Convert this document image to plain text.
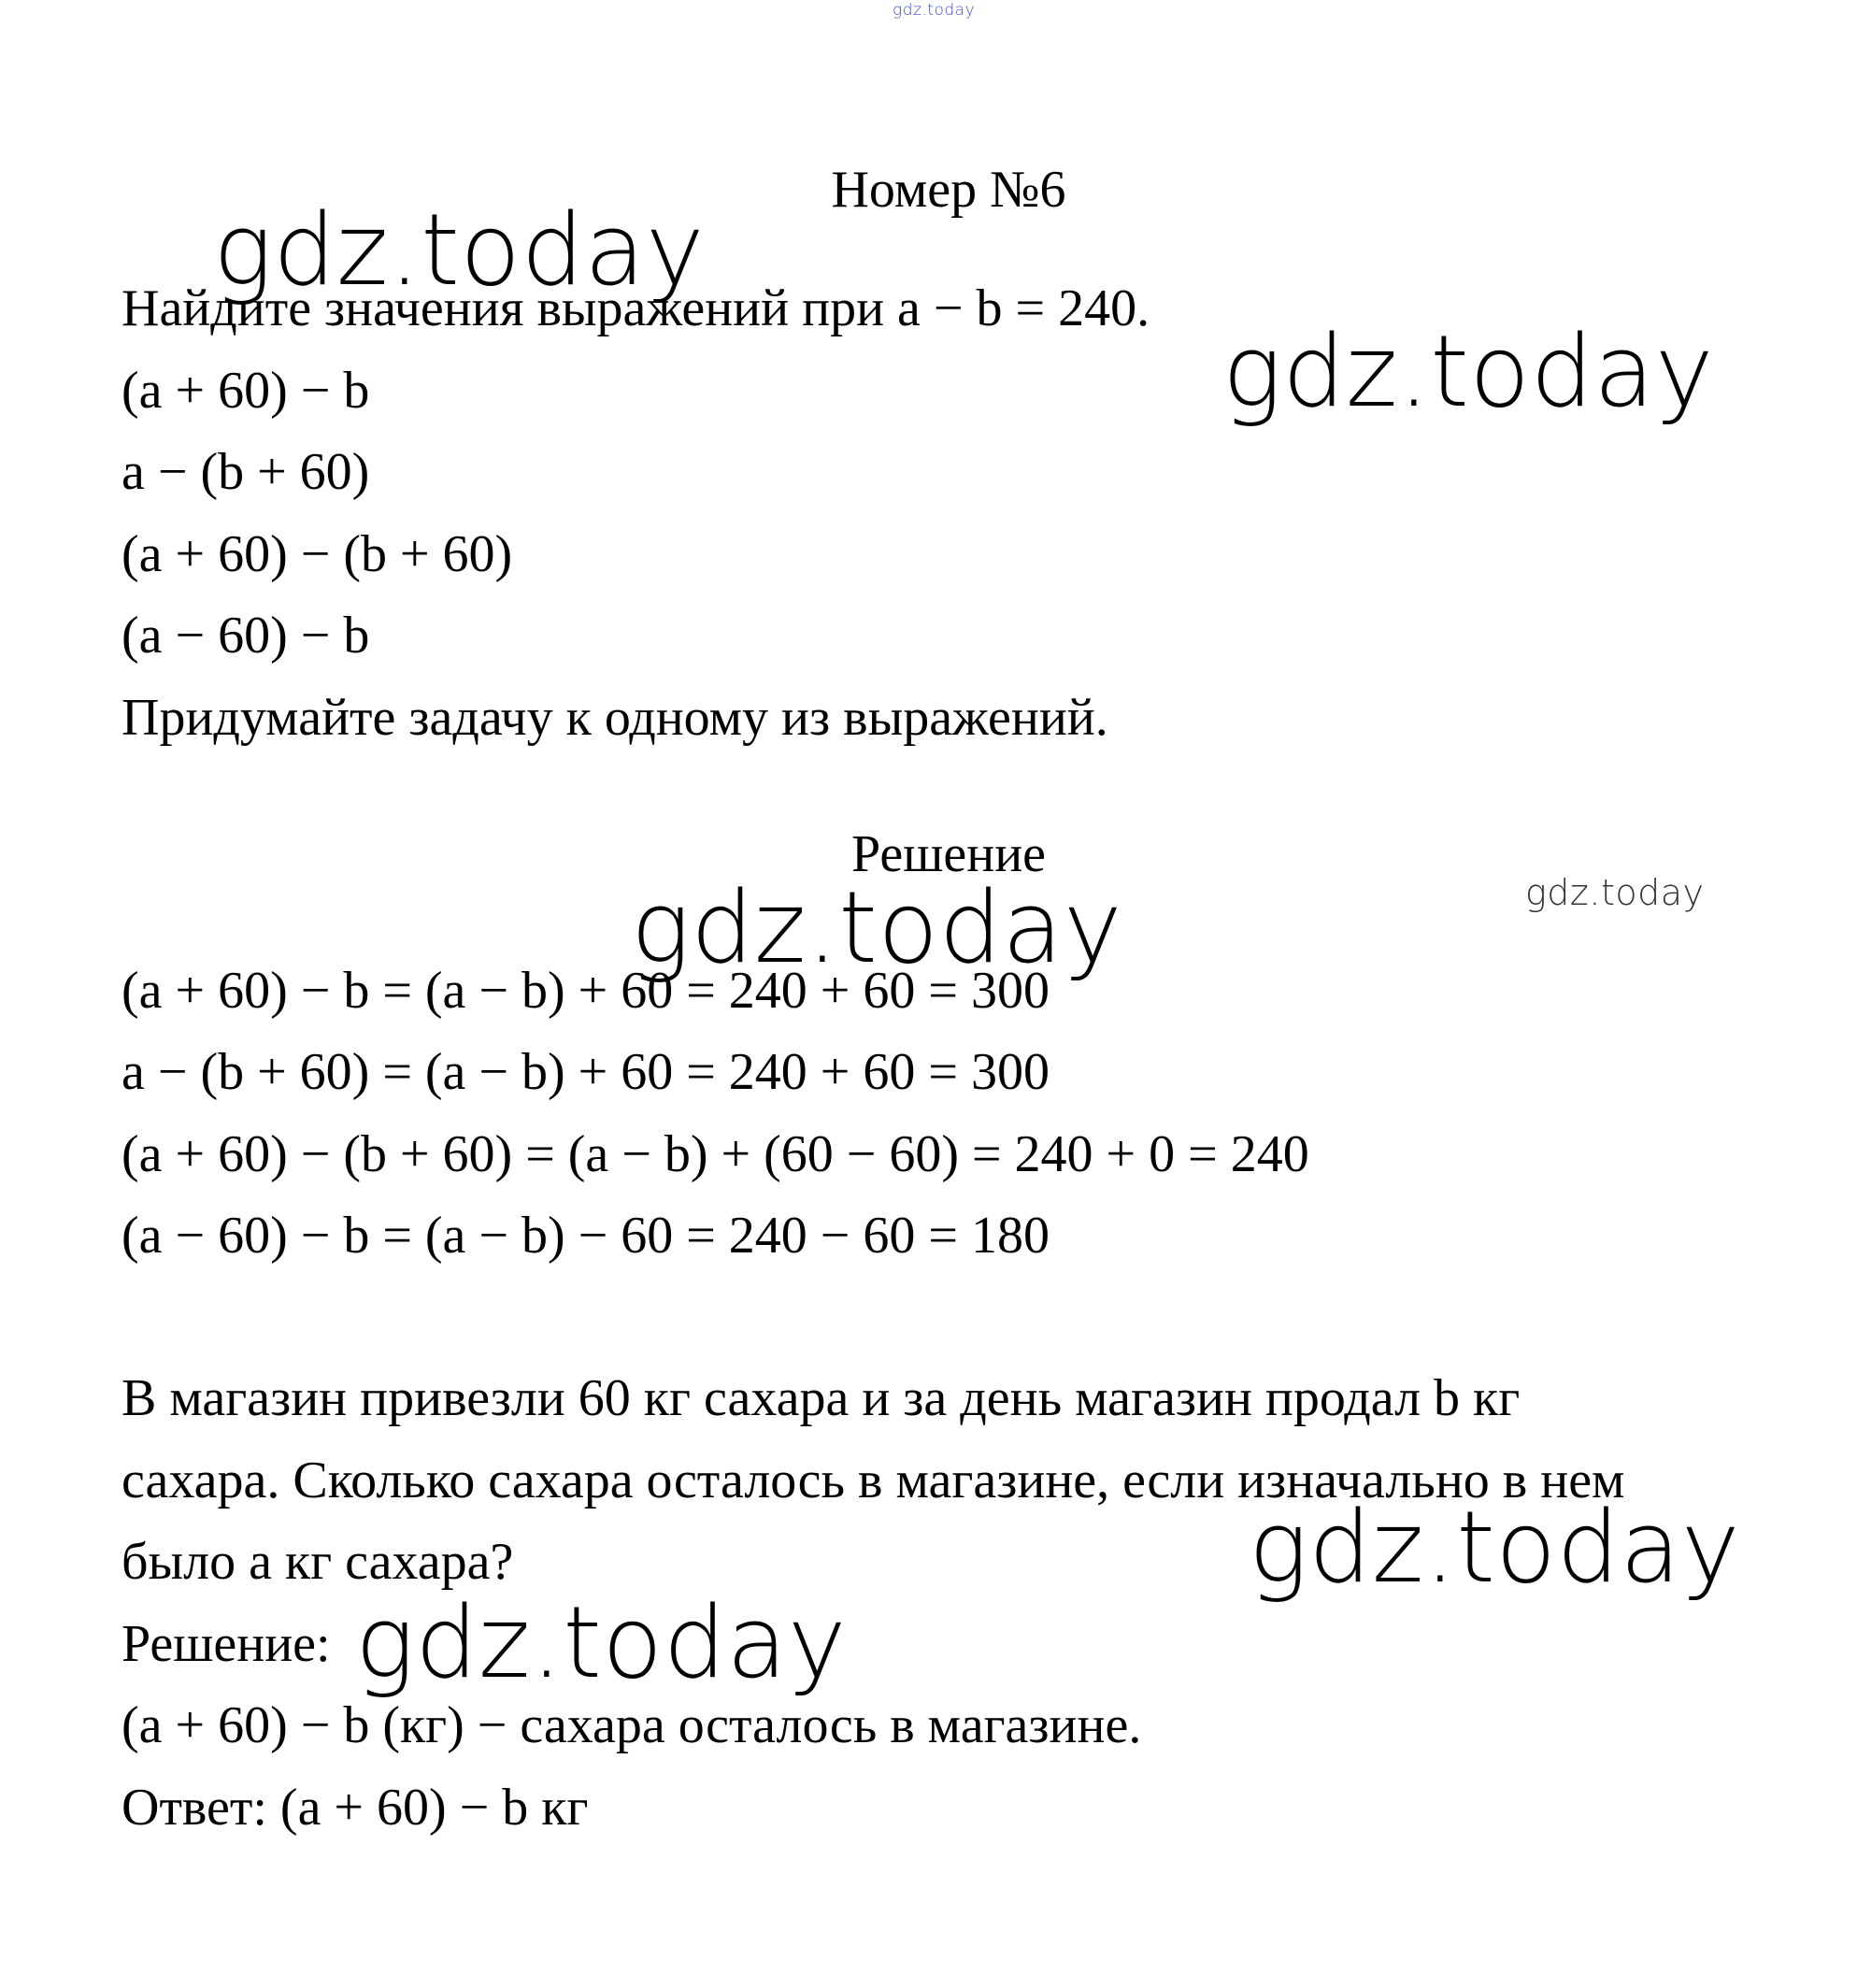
gdz.today
Номер №6
gdz.today

Найдите значения выражений при a − b = 240.

gdz.today

(a + 60) − b

a − (b + 60)

(a + 60) − (b + 60)

(a − 60) − b

Придумайте задачу к одному из выражений.

Решение
gdz.today
gdz.today

(a + 60) − b = (a − b) + 60 = 240 + 60 = 300

a − (b + 60) = (a − b) + 60 = 240 + 60 = 300

(a + 60) − (b + 60) = (a − b) + (60 − 60) = 240 + 0 = 240

(a − 60) − b = (a − b) − 60 = 240 − 60 = 180

В магазин привезли 60 кг сахара и за день магазин продал b кг

сахара. Сколько сахара осталось в магазине, если изначально в нем

gdz.today

было a кг сахара?

Решение: gdz.today

(a + 60) − b (кг) − сахара осталось в магазине.

Ответ: (a + 60) − b кг
